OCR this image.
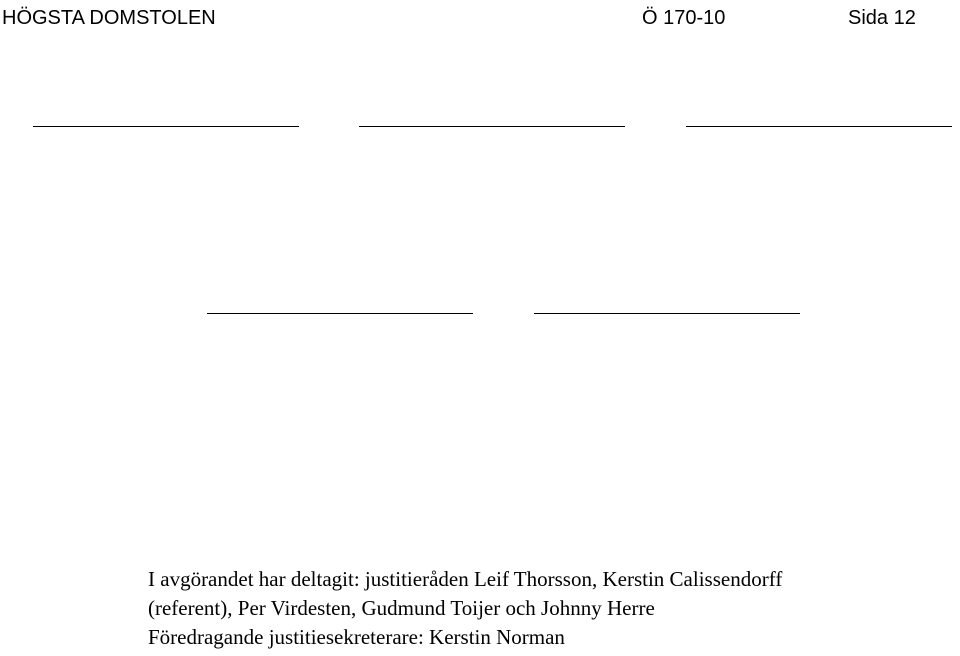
HÖGSTA DOMSTOLEN	Ö 170-10	Sida 12

I avgörandet har deltagit: justitieråden Leif Thorsson, Kerstin Calissendorff

(referent), Per Virdesten, Gudmund Toijer och Johnny Herre

Föredragande justitiesekreterare: Kerstin Norman
